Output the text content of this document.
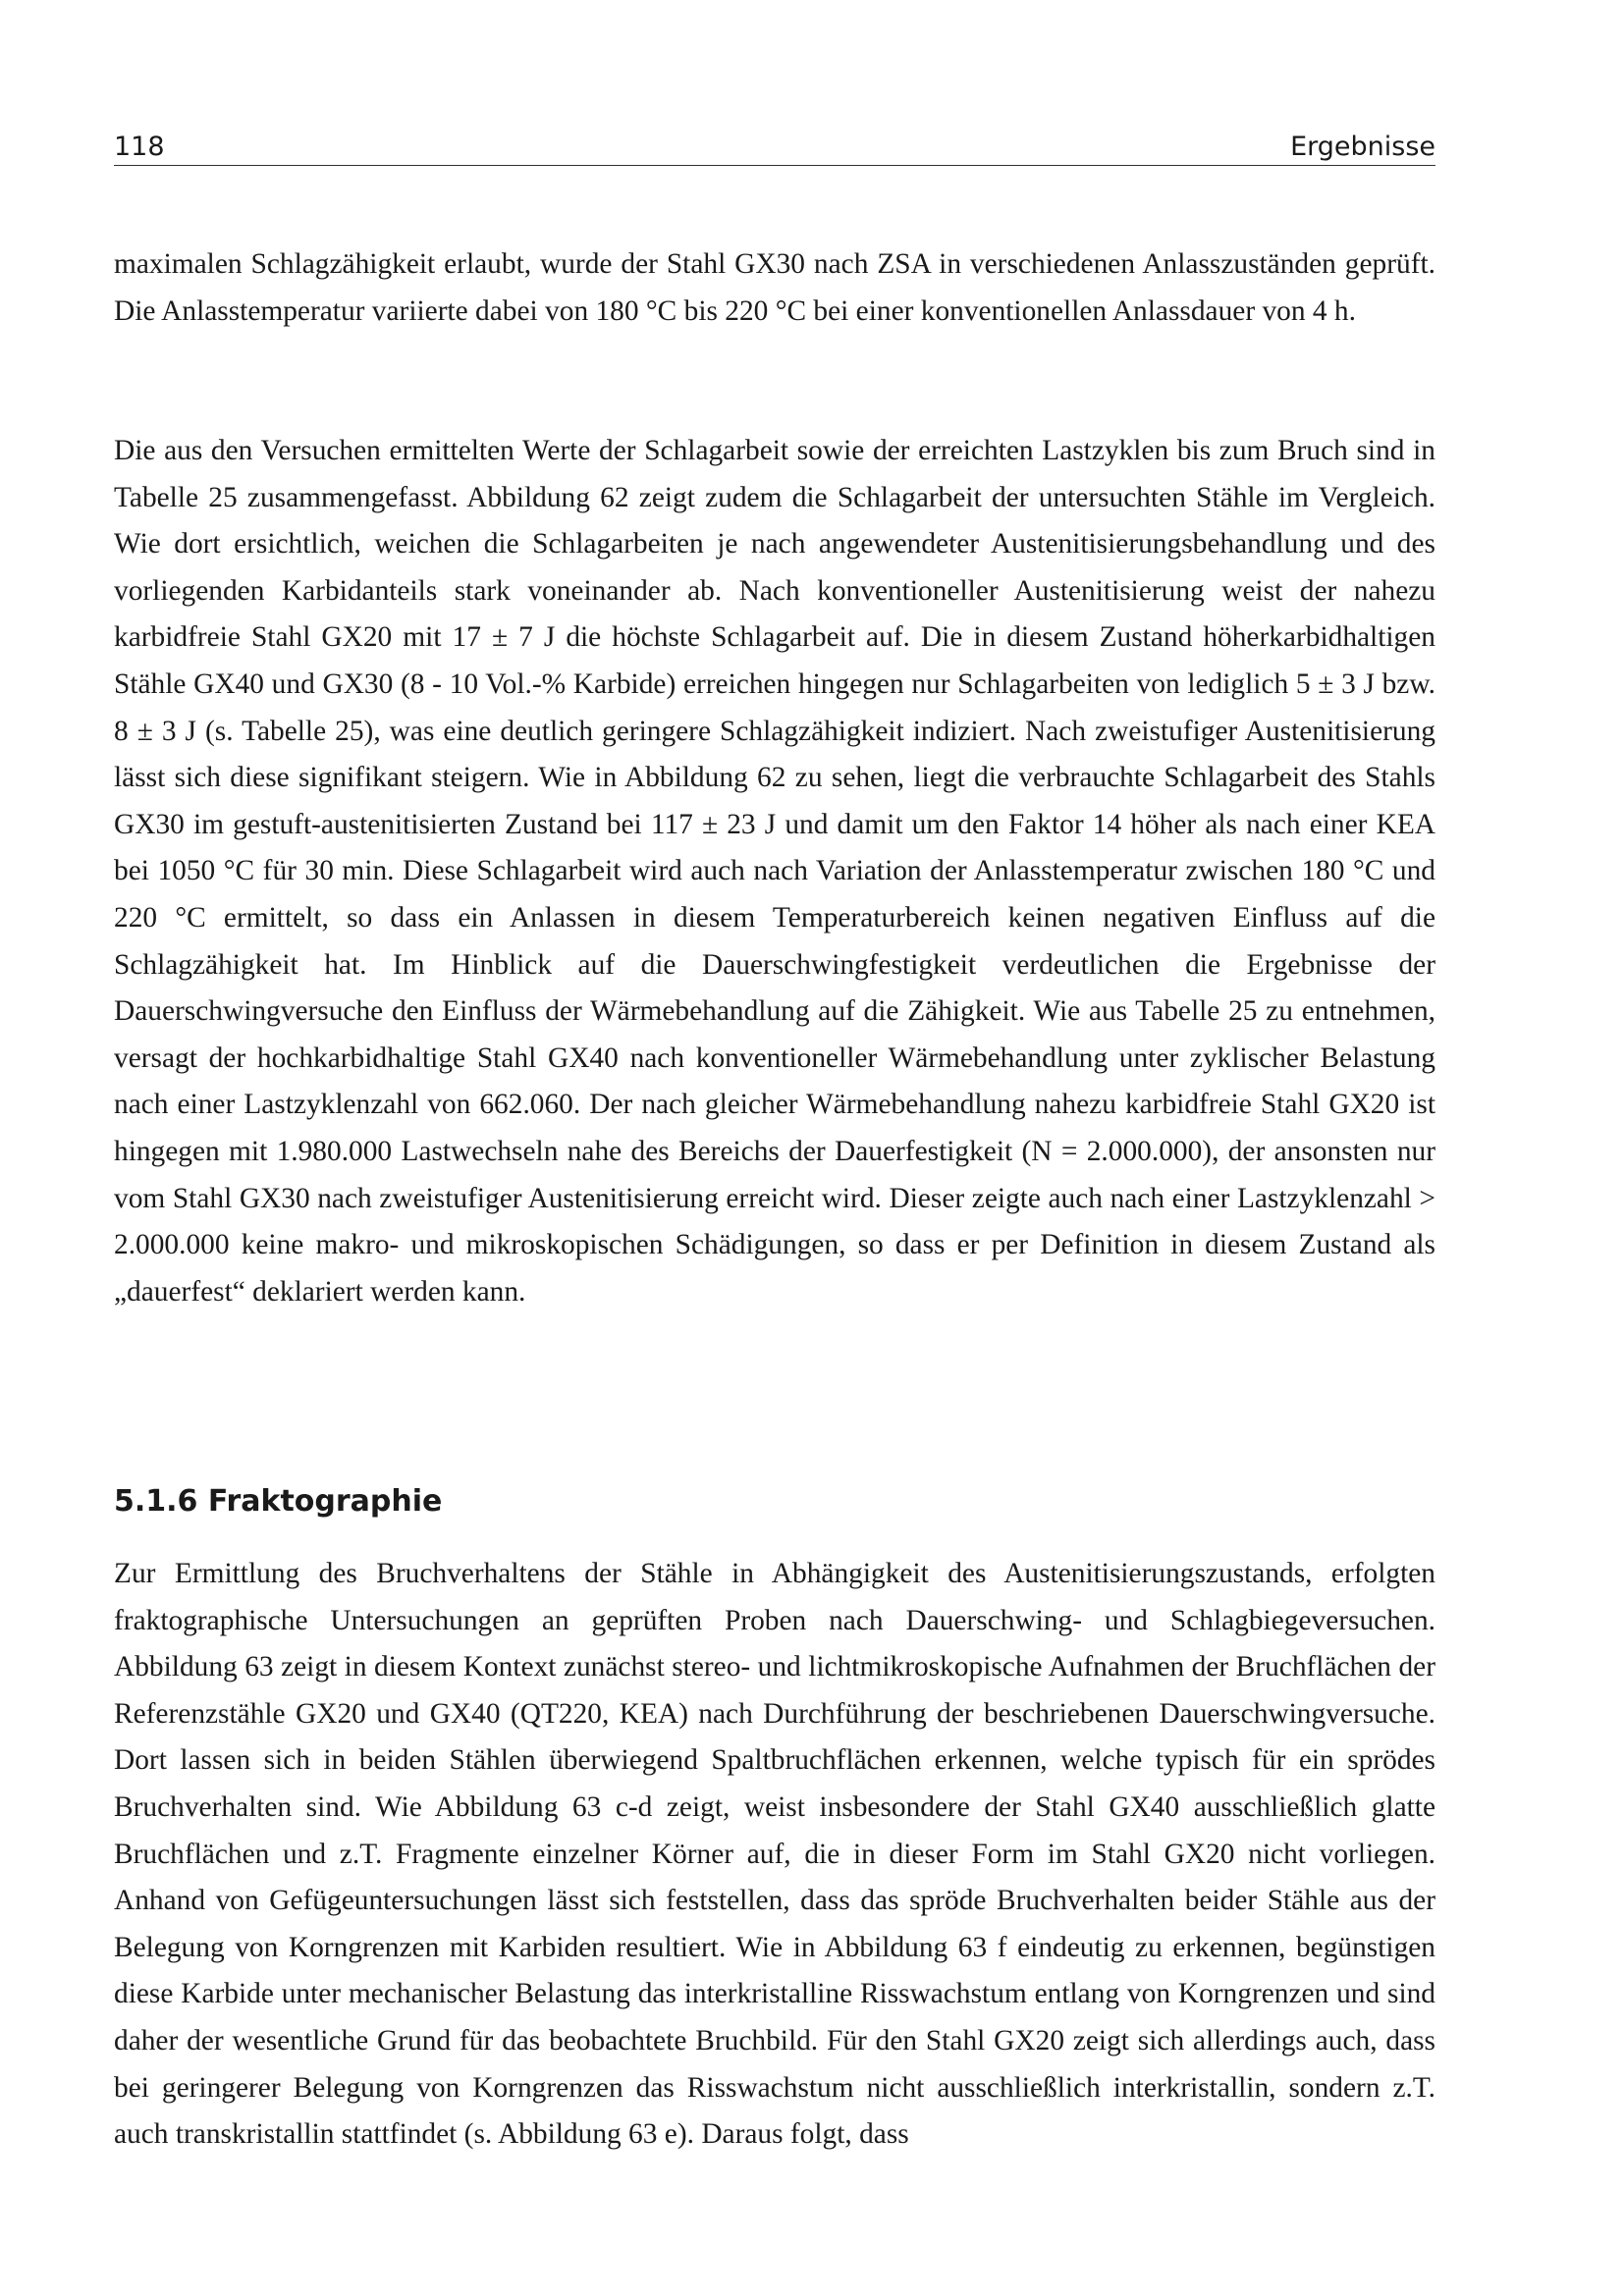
118	Ergebnisse

maximalen Schlagzähigkeit erlaubt, wurde der Stahl GX30 nach ZSA in verschiedenen Anlasszuständen geprüft. Die Anlasstemperatur variierte dabei von 180 °C bis 220 °C bei einer konventionellen Anlassdauer von 4 h.

Die aus den Versuchen ermittelten Werte der Schlagarbeit sowie der erreichten Lastzyklen bis zum Bruch sind in Tabelle 25 zusammengefasst. Abbildung 62 zeigt zudem die Schlagarbeit der untersuchten Stähle im Vergleich. Wie dort ersichtlich, weichen die Schlagarbeiten je nach angewendeter Austenitisierungsbehandlung und des vorliegenden Karbidanteils stark voneinander ab. Nach konventioneller Austenitisierung weist der nahezu karbidfreie Stahl GX20 mit 17 ± 7 J die höchste Schlagarbeit auf. Die in diesem Zustand höherkarbidhaltigen Stähle GX40 und GX30 (8 - 10 Vol.-% Karbide) erreichen hingegen nur Schlagarbeiten von lediglich 5 ± 3 J bzw. 8 ± 3 J (s. Tabelle 25), was eine deutlich geringere Schlagzähigkeit indiziert. Nach zweistufiger Austenitisierung lässt sich diese signifikant steigern. Wie in Abbildung 62 zu sehen, liegt die verbrauchte Schlagarbeit des Stahls GX30 im gestuft-austenitisierten Zustand bei 117 ± 23 J und damit um den Faktor 14 höher als nach einer KEA bei 1050 °C für 30 min. Diese Schlagarbeit wird auch nach Variation der Anlasstemperatur zwischen 180 °C und 220 °C ermittelt, so dass ein Anlassen in diesem Temperaturbereich keinen negativen Einfluss auf die Schlagzähigkeit hat. Im Hinblick auf die Dauerschwingfestigkeit verdeutlichen die Ergebnisse der Dauerschwingversuche den Einfluss der Wärmebehandlung auf die Zähigkeit. Wie aus Tabelle 25 zu entnehmen, versagt der hochkarbidhaltige Stahl GX40 nach konventioneller Wärmebehandlung unter zyklischer Belastung nach einer Lastzyklenzahl von 662.060. Der nach gleicher Wärmebehandlung nahezu karbidfreie Stahl GX20 ist hingegen mit 1.980.000 Lastwechseln nahe des Bereichs der Dauerfestigkeit (N = 2.000.000), der ansonsten nur vom Stahl GX30 nach zweistufiger Austenitisierung erreicht wird. Dieser zeigte auch nach einer Lastzyklenzahl > 2.000.000 keine makro- und mikroskopischen Schädigungen, so dass er per Definition in diesem Zustand als „dauerfest“ deklariert werden kann.

5.1.6 Fraktographie

Zur Ermittlung des Bruchverhaltens der Stähle in Abhängigkeit des Austenitisierungszustands, erfolgten fraktographische Untersuchungen an geprüften Proben nach Dauerschwing- und Schlagbiegeversuchen. Abbildung 63 zeigt in diesem Kontext zunächst stereo- und lichtmikroskopische Aufnahmen der Bruchflächen der Referenzstähle GX20 und GX40 (QT220, KEA) nach Durchführung der beschriebenen Dauerschwingversuche. Dort lassen sich in beiden Stählen überwiegend Spaltbruchflächen erkennen, welche typisch für ein sprödes Bruchverhalten sind. Wie Abbildung 63 c-d zeigt, weist insbesondere der Stahl GX40 ausschließlich glatte Bruchflächen und z.T. Fragmente einzelner Körner auf, die in dieser Form im Stahl GX20 nicht vorliegen. Anhand von Gefügeuntersuchungen lässt sich feststellen, dass das spröde Bruchverhalten beider Stähle aus der Belegung von Korngrenzen mit Karbiden resultiert. Wie in Abbildung 63 f eindeutig zu erkennen, begünstigen diese Karbide unter mechanischer Belastung das interkristalline Risswachstum entlang von Korngrenzen und sind daher der wesentliche Grund für das beobachtete Bruchbild. Für den Stahl GX20 zeigt sich allerdings auch, dass bei geringerer Belegung von Korngrenzen das Risswachstum nicht ausschließlich interkristallin, sondern z.T. auch transkristallin stattfindet (s. Abbildung 63 e). Daraus folgt, dass
